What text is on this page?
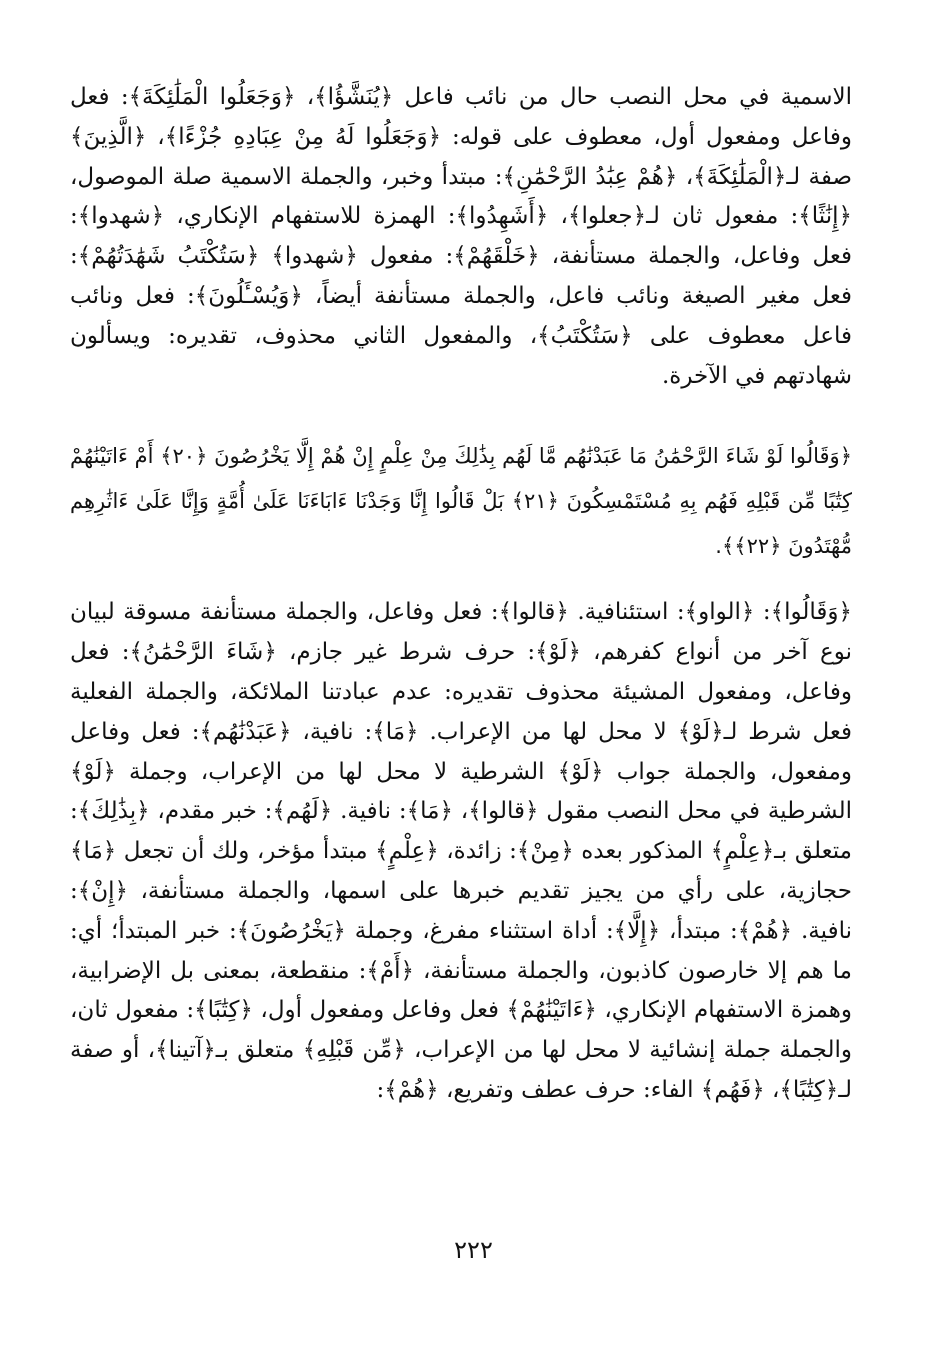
الاسمية في محل النصب حال من نائب فاعل ﴿يُنَشَّؤُا﴾، ﴿وَجَعَلُوا الْمَلَٰئِكَةَ﴾: فعل وفاعل ومفعول أول، معطوف على قوله: ﴿وَجَعَلُوا لَهُ مِنْ عِبَادِهِ جُزْءًا﴾، ﴿الَّذِينَ﴾ صفة لـ﴿الْمَلَٰئِكَةَ﴾، ﴿هُمْ عِبَٰدُ الرَّحْمَٰنِ﴾: مبتدأ وخبر، والجملة الاسمية صلة الموصول، ﴿إِنَٰثًا﴾: مفعول ثان لـ﴿جعلوا﴾، ﴿أَشَهِدُوا﴾: الهمزة للاستفهام الإنكاري، ﴿شهدوا﴾: فعل وفاعل، والجملة مستأنفة، ﴿خَلْقَهُمْ﴾: مفعول ﴿شهدوا﴾ ﴿سَتُكْتَبُ شَهَٰدَتُهُمْ﴾: فعل مغير الصيغة ونائب فاعل، والجملة مستأنفة أيضاً، ﴿وَيُسْـَٔلُونَ﴾: فعل ونائب فاعل معطوف على ﴿سَتُكْتَبُ﴾، والمفعول الثاني محذوف، تقديره: ويسألون شهادتهم في الآخرة.

﴿وَقَالُوا لَوْ شَاءَ الرَّحْمَٰنُ مَا عَبَدْنَٰهُم مَّا لَهُم بِذَٰلِكَ مِنْ عِلْمٍ إِنْ هُمْ إِلَّا يَخْرُصُونَ ﴿٢٠﴾ أَمْ ءَاتَيْنَٰهُمْ كِتَٰبًا مِّن قَبْلِهِ فَهُم بِهِ مُسْتَمْسِكُونَ ﴿٢١﴾ بَلْ قَالُوا إِنَّا وَجَدْنَا ءَابَاءَنَا عَلَىٰ أُمَّةٍ وَإِنَّا عَلَىٰ ءَاثَٰرِهِم مُّهْتَدُونَ ﴿٢٢﴾﴾.

﴿وَقَالُوا﴾: ﴿الواو﴾: استئنافية. ﴿قالوا﴾: فعل وفاعل، والجملة مستأنفة مسوقة لبيان نوع آخر من أنواع كفرهم، ﴿لَوْ﴾: حرف شرط غير جازم، ﴿شَاءَ الرَّحْمَٰنُ﴾: فعل وفاعل، ومفعول المشيئة محذوف تقديره: عدم عبادتنا الملائكة، والجملة الفعلية فعل شرط لـ﴿لَوْ﴾ لا محل لها من الإعراب. ﴿مَا﴾: نافية، ﴿عَبَدْنَٰهُم﴾: فعل وفاعل ومفعول، والجملة جواب ﴿لَوْ﴾ الشرطية لا محل لها من الإعراب، وجملة ﴿لَوْ﴾ الشرطية في محل النصب مقول ﴿قالوا﴾، ﴿مَا﴾: نافية. ﴿لَهُم﴾: خبر مقدم، ﴿بِذَٰلِكَ﴾: متعلق بـ﴿عِلْمٍ﴾ المذكور بعده ﴿مِنْ﴾: زائدة، ﴿عِلْمٍ﴾ مبتدأ مؤخر، ولك أن تجعل ﴿مَا﴾ حجازية، على رأي من يجيز تقديم خبرها على اسمها، والجملة مستأنفة، ﴿إِنْ﴾: نافية. ﴿هُمْ﴾: مبتدأ، ﴿إِلَّا﴾: أداة استثناء مفرغ، وجملة ﴿يَخْرُصُونَ﴾: خبر المبتدأ؛ أي: ما هم إلا خارصون كاذبون، والجملة مستأنفة، ﴿أَمْ﴾: منقطعة، بمعنى بل الإضرابية، وهمزة الاستفهام الإنكاري، ﴿ءَاتَيْنَٰهُمْ﴾ فعل وفاعل ومفعول أول، ﴿كِتَٰبًا﴾: مفعول ثان، والجملة جملة إنشائية لا محل لها من الإعراب، ﴿مِّن قَبْلِهِ﴾ متعلق بـ﴿آتينا﴾، أو صفة لـ﴿كِتَٰبًا﴾، ﴿فَهُم﴾ الفاء: حرف عطف وتفريع، ﴿هُمْ﴾:

٢٢٢
